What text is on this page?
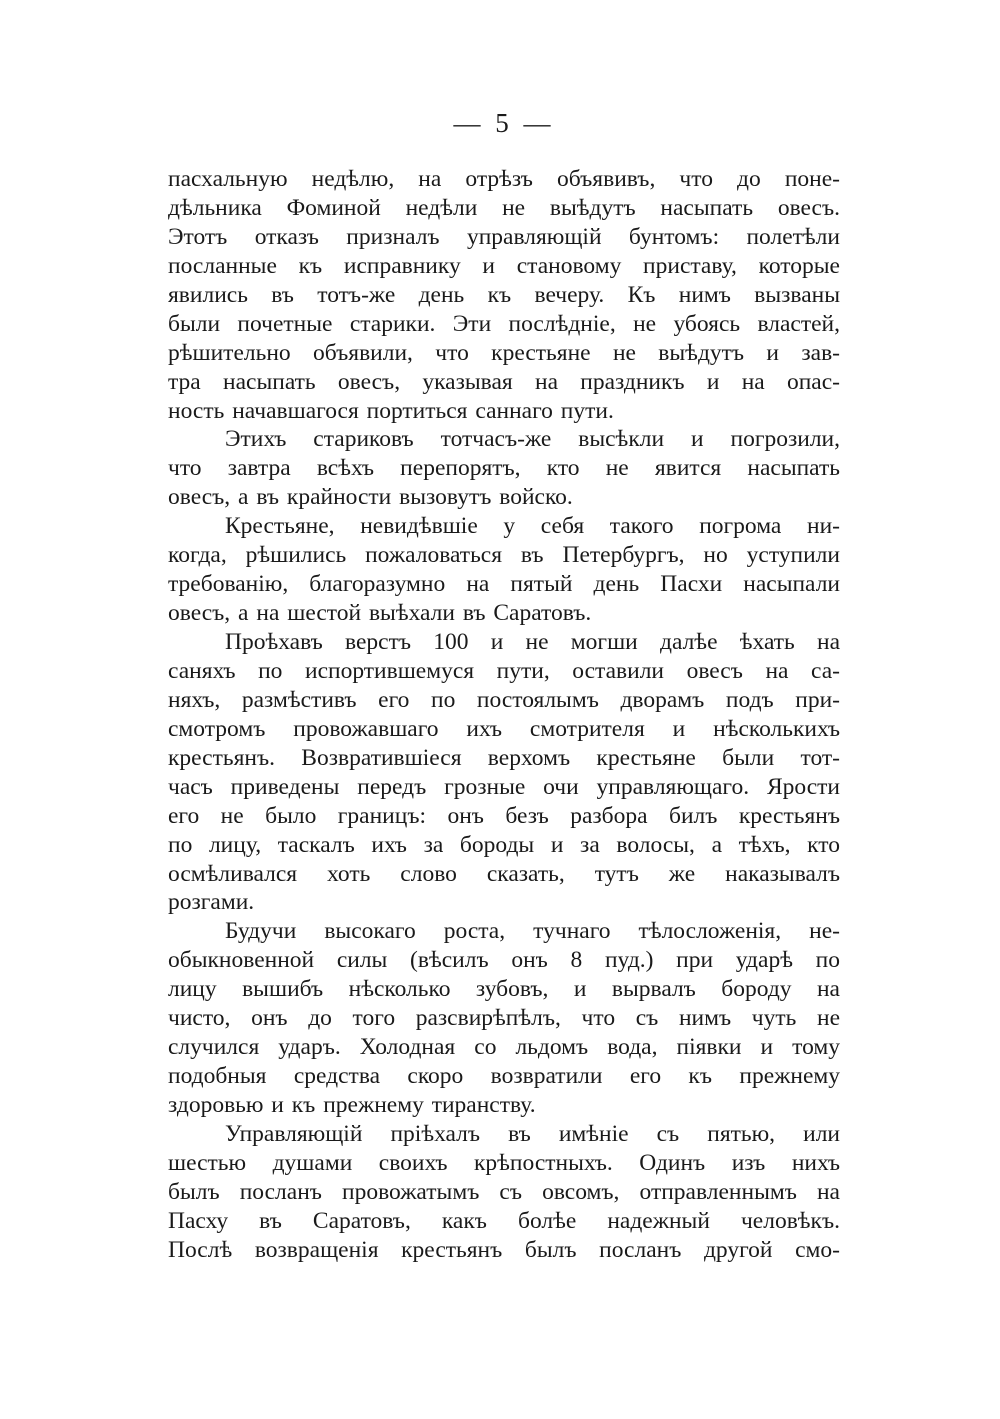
— 5 —
пасхальную недѣлю, на отрѣзъ объявивъ, что до поне-
дѣльника Фоминой недѣли не выѣдутъ насыпать овесъ.
Этотъ отказъ призналъ управляющій бунтомъ: полетѣли
посланные къ исправнику и становому приставу, которые
явились въ тотъ-же день къ вечеру. Къ нимъ вызваны
были почетные старики. Эти послѣдніе, не убоясь властей,
рѣшительно объявили, что крестьяне не выѣдутъ и зав-
тра насыпать овесъ, указывая на праздникъ и на опас-
ность начавшагося портиться саннаго пути.
Этихъ стариковъ тотчасъ-же высѣкли и погрозили,
что завтра всѣхъ перепорятъ, кто не явится насыпать
овесъ, а въ крайности вызовутъ войско.
Крестьяне, невидѣвшіе у себя такого погрома ни-
когда, рѣшились пожаловаться въ Петербургъ, но уступили
требованію, благоразумно на пятый день Пасхи насыпали
овесъ, а на шестой выѣхали въ Саратовъ.
Проѣхавъ верстъ 100 и не могши далѣе ѣхать на
саняхъ по испортившемуся пути, оставили овесъ на са-
няхъ, размѣстивъ его по постоялымъ дворамъ подъ при-
смотромъ провожавшаго ихъ смотрителя и нѣсколькихъ
крестьянъ. Возвратившіеся верхомъ крестьяне были тот-
часъ приведены передъ грозные очи управляющаго. Ярости
его не было границъ: онъ безъ разбора билъ крестьянъ
по лицу, таскалъ ихъ за бороды и за волосы, а тѣхъ, кто
осмѣливался хоть слово сказать, тутъ же наказывалъ
розгами.
Будучи высокаго роста, тучнаго тѣлосложенія, не-
обыкновенной силы (вѣсилъ онъ 8 пуд.) при ударѣ по
лицу вышибъ нѣсколько зубовъ, и вырвалъ бороду на
чисто, онъ до того разсвирѣпѣлъ, что съ нимъ чуть не
случился ударъ. Холодная со льдомъ вода, піявки и тому
подобныя средства скоро возвратили его къ прежнему
здоровью и къ прежнему тиранству.
Управляющій пріѣхалъ въ имѣніе съ пятью, или
шестью душами своихъ крѣпостныхъ. Одинъ изъ нихъ
былъ посланъ провожатымъ съ овсомъ, отправленнымъ на
Пасху въ Саратовъ, какъ болѣе надежный человѣкъ.
Послѣ возвращенія крестьянъ былъ посланъ другой смо-
